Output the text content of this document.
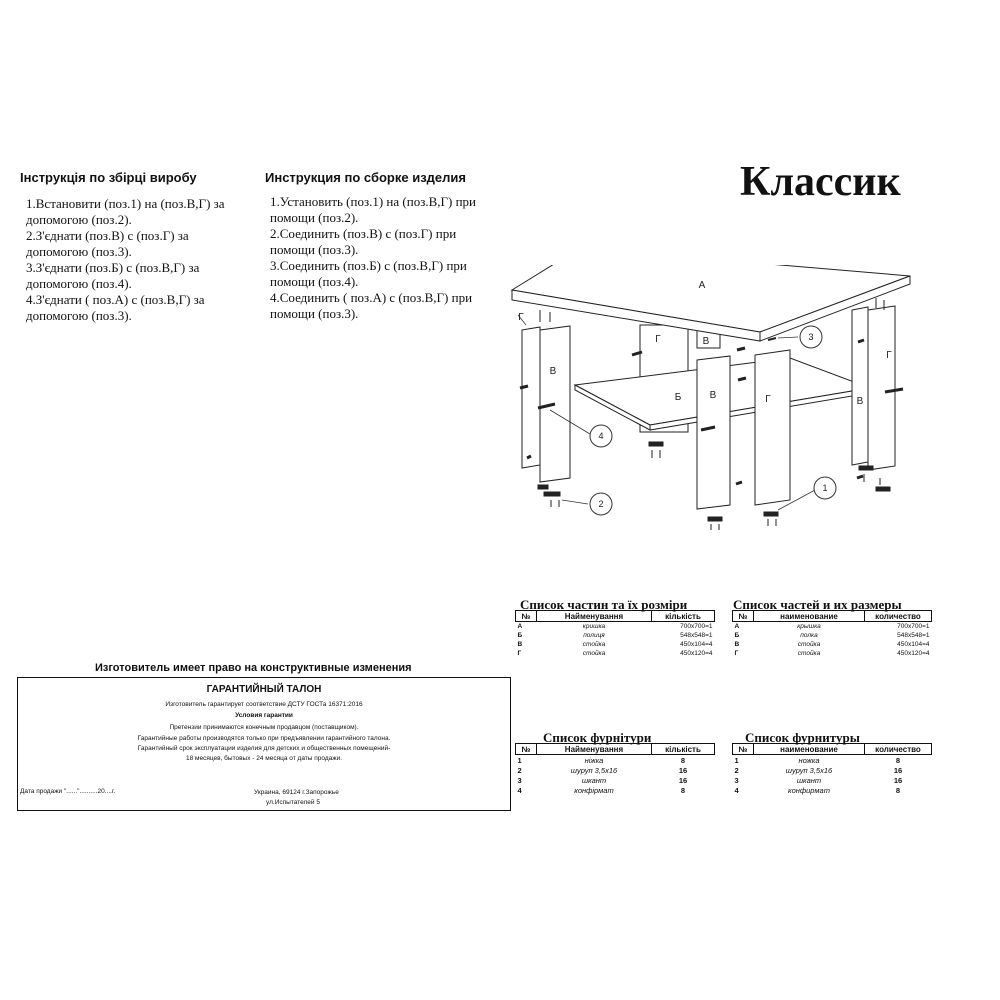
Інструкція по збірці виробу
1.Встановити (поз.1) на (поз.В,Г) за допомогою (поз.2).
2.З'єднати (поз.В) с (поз.Г) за допомогою (поз.3).
3.З'єднати (поз.Б) с (поз.В,Г) за допомогою (поз.4).
4.З'єднати ( поз.А) с (поз.В,Г) за допомогою (поз.3).
Инструкция по сборке изделия
1.Установить (поз.1) на (поз.В,Г) при помощи (поз.2).
2.Соединить (поз.В) с (поз.Г) при помощи (поз.3).
3.Соединить (поз.Б) с (поз.В,Г) при помощи (поз.4).
4.Соединить ( поз.А) с (поз.В,Г) при помощи (поз.3).
Классик
1
2
3
4
А
Б
В
В
В
В
Г
Г
Г
Г
Список частин та їх розміри
№	Найменування	кількість
А	кришка	700х700=1
Б	полиця	548х548=1
В	стойка	450х104=4
Г	стойка	450х120=4
Список частей и их размеры
№	наименование	количество
А	крышка	700х700=1
Б	полка	548х548=1
В	стойка	450х104=4
Г	стойка	450х120=4
Список фурнітури
№	Найменування	кількість
1	ніжка	8
2	шуруп 3,5х16	16
3	шкант	16
4	конфірмат	8
Список фурнитуры
№	наименование	количество
1	ножка	8
2	шуруп 3,5х16	16
3	шкант	16
4	конфирмат	8
Изготовитель имеет право на конструктивные изменения
ГАРАНТИЙНЫЙ ТАЛОН
Изготовитель гарантирует соответствие ДСТУ ГОСТа 16371:2016
Условия гарантии
Претензии принимаются конечным продавцом (поставщиком).
Гарантийные работы производятся только при предъявлении гарантийного талона.
Гарантийный срок эксплуатации изделия для детских и общественных помещений-
18 месяцев, бытовых - 24 месяца от даты продажи.
Дата продажи "......"..........20....г.	Украина, 69124 г.Запорожье
ул.Испытателей 5
